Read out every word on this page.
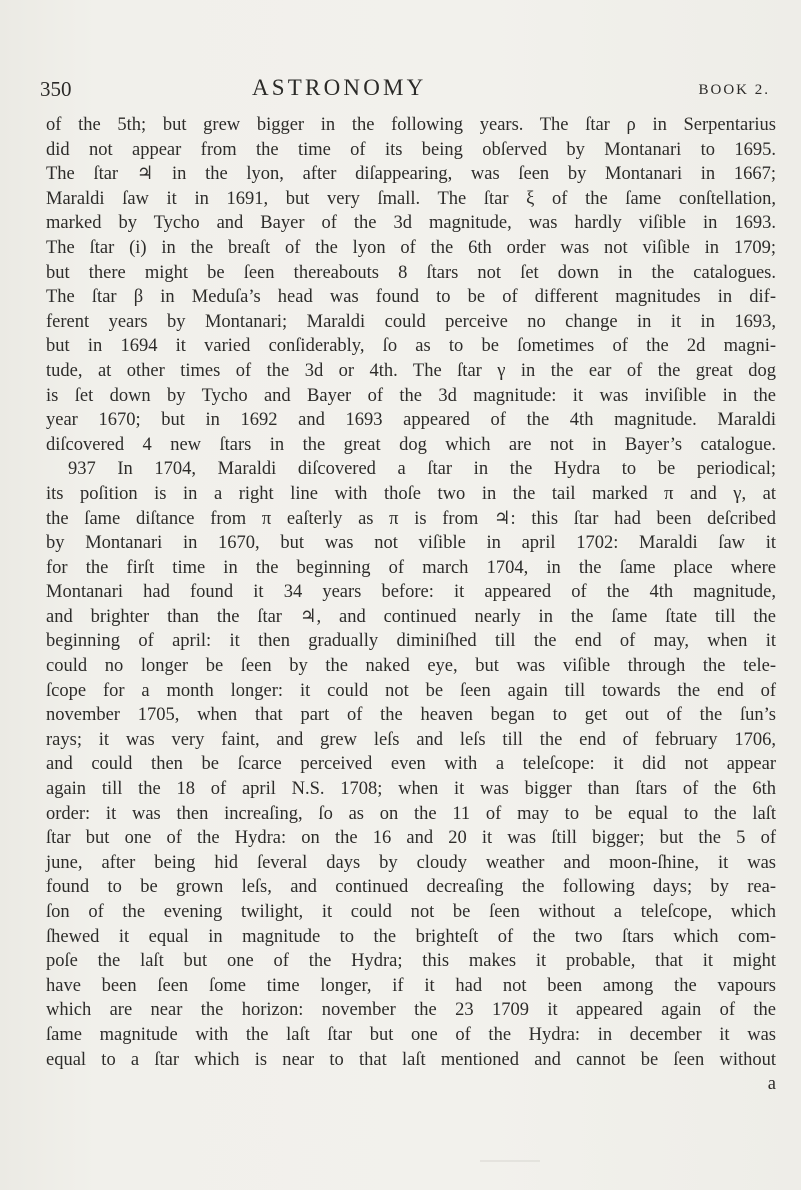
350	ASTRONOMY	BOOK 2.
of the 5th; but grew bigger in the following years. The ſtar ρ in Serpentarius
did not appear from the time of its being obſerved by Montanari to 1695.
The ſtar ♃ in the lyon, after diſappearing, was ſeen by Montanari in 1667;
Maraldi ſaw it in 1691, but very ſmall. The ſtar ξ of the ſame conſtellation,
marked by Tycho and Bayer of the 3d magnitude, was hardly viſible in 1693.
The ſtar (i) in the breaſt of the lyon of the 6th order was not viſible in 1709;
but there might be ſeen thereabouts 8 ſtars not ſet down in the catalogues.
The ſtar β in Meduſa’s head was found to be of different magnitudes in dif-
ferent years by Montanari; Maraldi could perceive no change in it in 1693,
but in 1694 it varied conſiderably, ſo as to be ſometimes of the 2d magni-
tude, at other times of the 3d or 4th. The ſtar γ in the ear of the great dog
is ſet down by Tycho and Bayer of the 3d magnitude: it was inviſible in the
year 1670; but in 1692 and 1693 appeared of the 4th magnitude. Maraldi
diſcovered 4 new ſtars in the great dog which are not in Bayer’s catalogue.
937 In 1704, Maraldi diſcovered a ſtar in the Hydra to be periodical;
its poſition is in a right line with thoſe two in the tail marked π and γ, at
the ſame diſtance from π eaſterly as π is from ♃: this ſtar had been deſcribed
by Montanari in 1670, but was not viſible in april 1702: Maraldi ſaw it
for the firſt time in the beginning of march 1704, in the ſame place where
Montanari had found it 34 years before: it appeared of the 4th magnitude,
and brighter than the ſtar ♃, and continued nearly in the ſame ſtate till the
beginning of april: it then gradually diminiſhed till the end of may, when it
could no longer be ſeen by the naked eye, but was viſible through the tele-
ſcope for a month longer: it could not be ſeen again till towards the end of
november 1705, when that part of the heaven began to get out of the ſun’s
rays; it was very faint, and grew leſs and leſs till the end of february 1706,
and could then be ſcarce perceived even with a teleſcope: it did not appear
again till the 18 of april N.S. 1708; when it was bigger than ſtars of the 6th
order: it was then increaſing, ſo as on the 11 of may to be equal to the laſt
ſtar but one of the Hydra: on the 16 and 20 it was ſtill bigger; but the 5 of
june, after being hid ſeveral days by cloudy weather and moon-ſhine, it was
found to be grown leſs, and continued decreaſing the following days; by rea-
ſon of the evening twilight, it could not be ſeen without a teleſcope, which
ſhewed it equal in magnitude to the brighteſt of the two ſtars which com-
poſe the laſt but one of the Hydra; this makes it probable, that it might
have been ſeen ſome time longer, if it had not been among the vapours
which are near the horizon: november the 23 1709 it appeared again of the
ſame magnitude with the laſt ſtar but one of the Hydra: in december it was
equal to a ſtar which is near to that laſt mentioned and cannot be ſeen without
a
